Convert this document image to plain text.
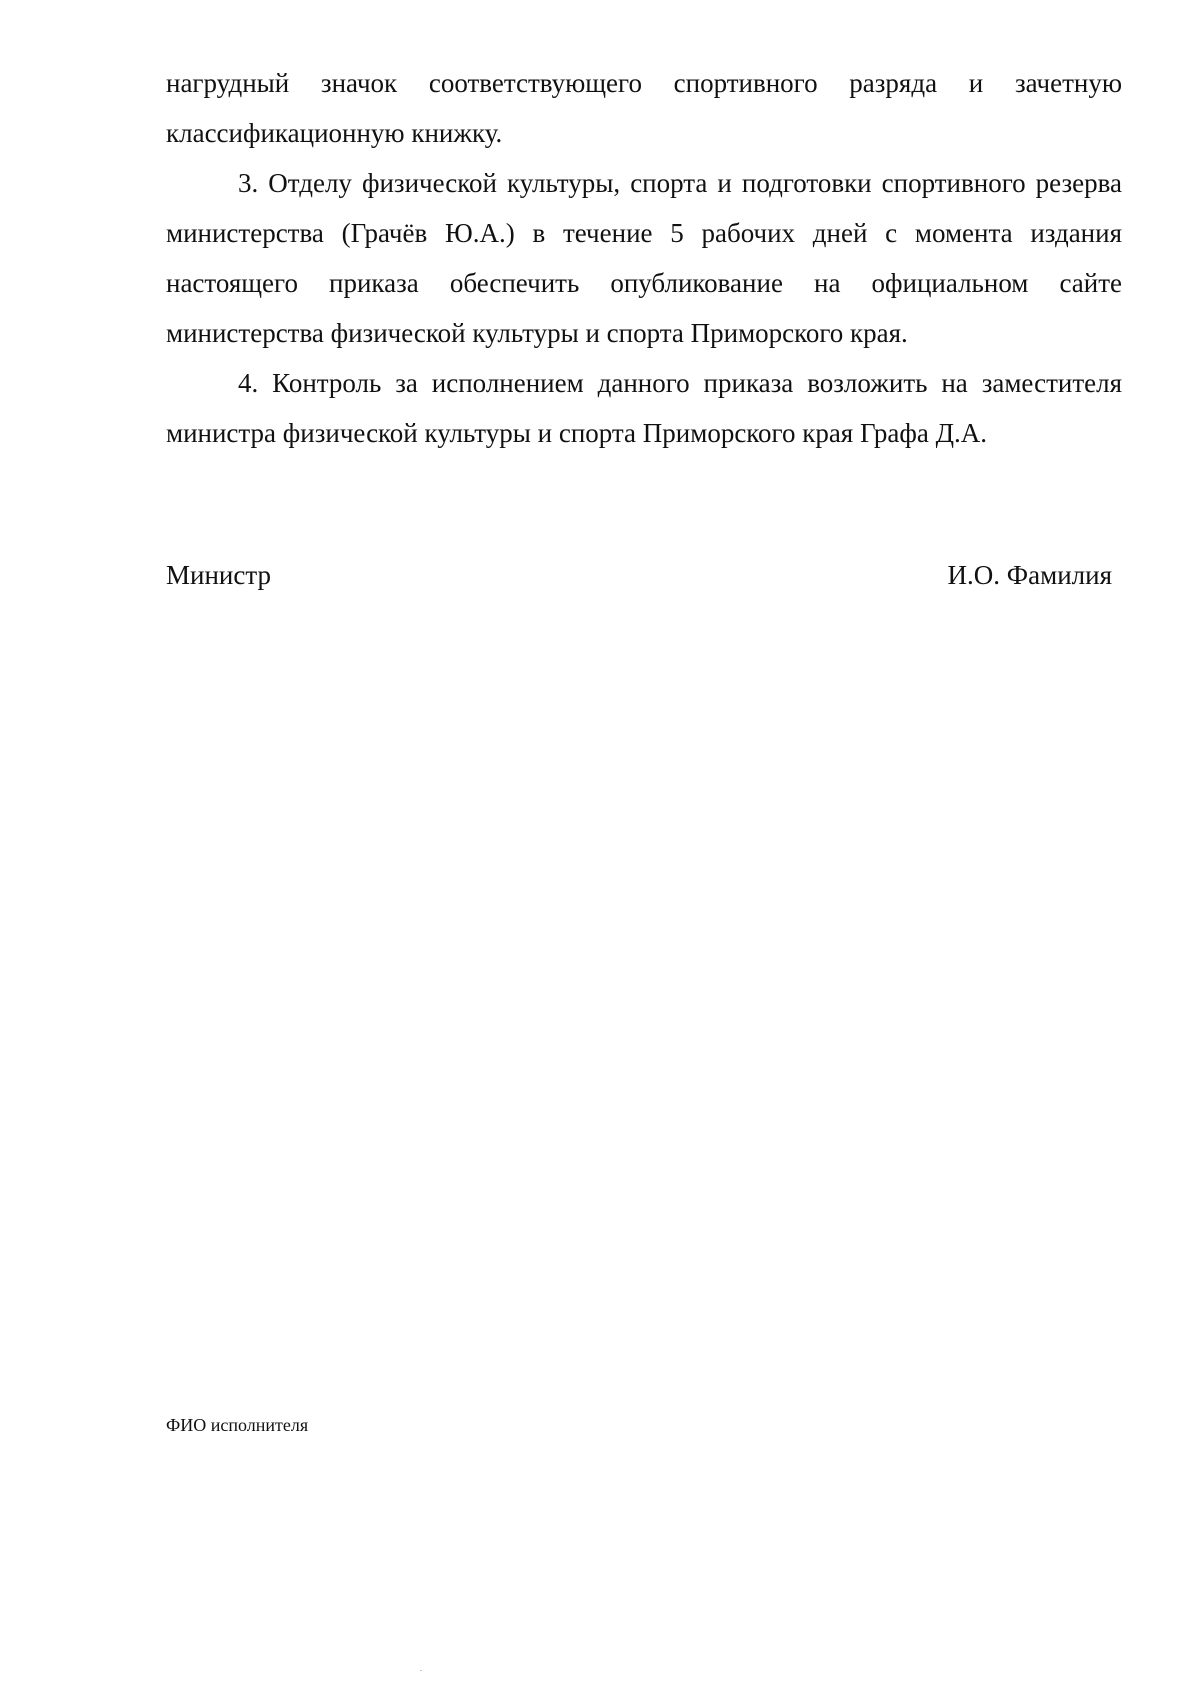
нагрудный значок соответствующего спортивного разряда и зачетную классификационную книжку.

3. Отделу физической культуры, спорта и подготовки спортивного резерва министерства (Грачёв Ю.А.) в течение 5 рабочих дней с момента издания настоящего приказа обеспечить опубликование на официальном сайте министерства физической культуры и спорта Приморского края.

4. Контроль за исполнением данного приказа возложить на заместителя министра физической культуры и спорта Приморского края Графа Д.А.

Министр	И.О. Фамилия
ФИО исполнителя
